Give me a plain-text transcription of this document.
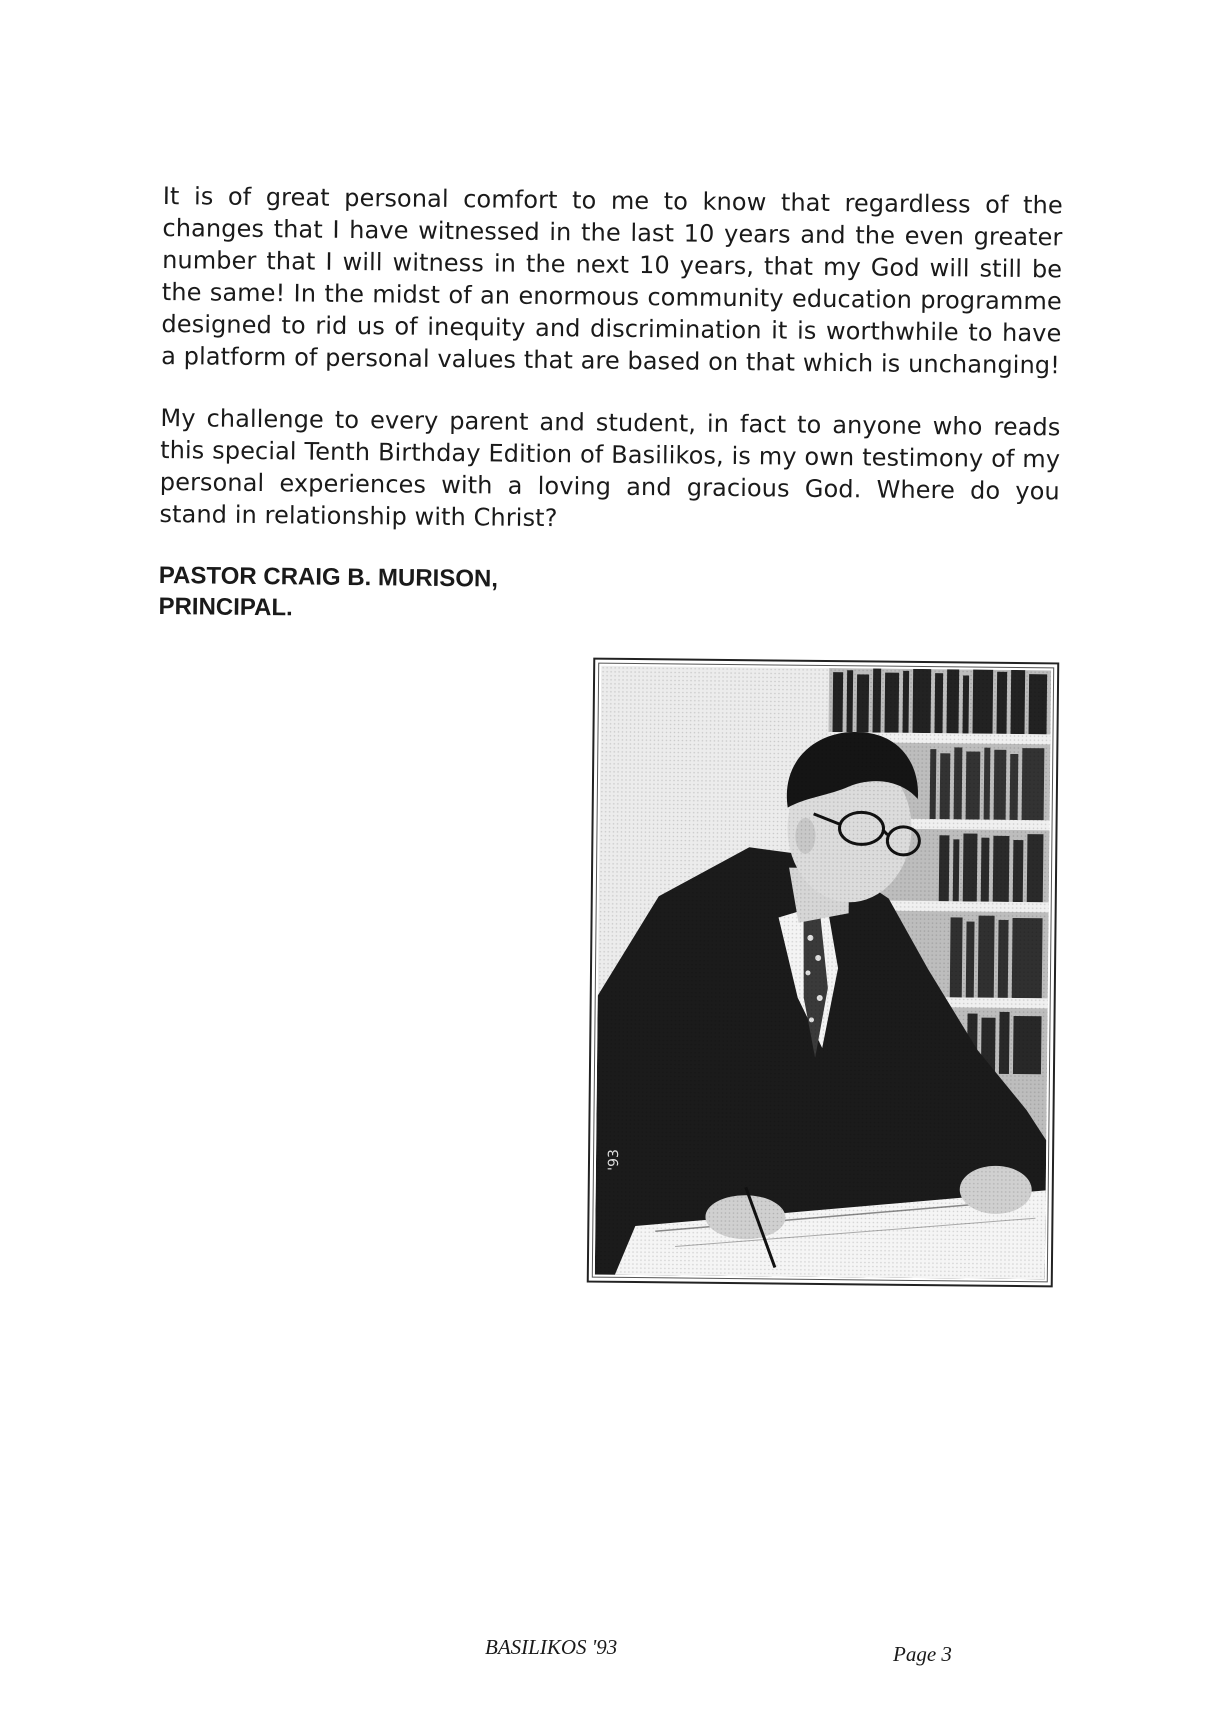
It is of great personal comfort to me to know that regardless of the changes that I have witnessed in the last 10 years and the even greater number that I will witness in the next 10 years, that my God will still be the same! In the midst of an enormous community education programme designed to rid us of inequity and discrimination it is worthwhile to have a platform of personal values that are based on that which is unchanging!

My challenge to every parent and student, in fact to anyone who reads this special Tenth Birthday Edition of Basilikos, is my own testimony of my personal experiences with a loving and gracious God. Where do you stand in relationship with Christ?

PASTOR CRAIG B. MURISON,
PRINCIPAL.
'93
BASILIKOS '93	Page 3
